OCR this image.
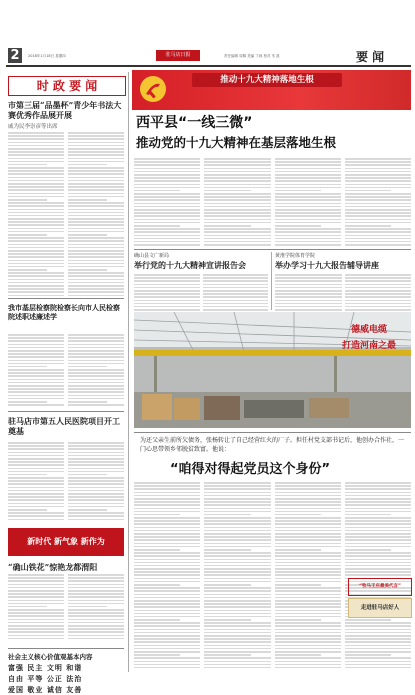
2	2018年1月18日 星期四	驻马店日报	责任编辑 周佩 美编 卞琼 校对 朱 凯	要 闻
时 政 要 闻
市第三届“品墨杯”青少年书法大赛优秀作品展开展
戚为民李崇彦等出席
我市基层检察院检察长向市人民检察院述职述廉述学
驻马店市第五人民医院项目开工奠基
新时代 新气象 新作为
“确山铁花”惊艳龙都渭阳
社会主义核心价值观基本内容
富强 民主 文明 和谐
自由 平等 公正 法治
爱国 敬业 诚信 友善
推动十九大精神落地生根
西平县“一线三微”
推动党的十九大精神在基层落地生根
确山县文广新局
举行党的十九大精神宣讲报告会
黄淮学院体育学院
举办学习十九大报告辅导讲座
德威电缆
打造河南之最
为还父亲生前所欠债务，张杨转让了自己经营红火的厂子。担任村党支部书记后，他创办合作社，一门心思带领乡邻脱贫致富。他说：
“咱得对得起党员这个身份”
“牧马王庄最美代言”
走进驻马店好人
